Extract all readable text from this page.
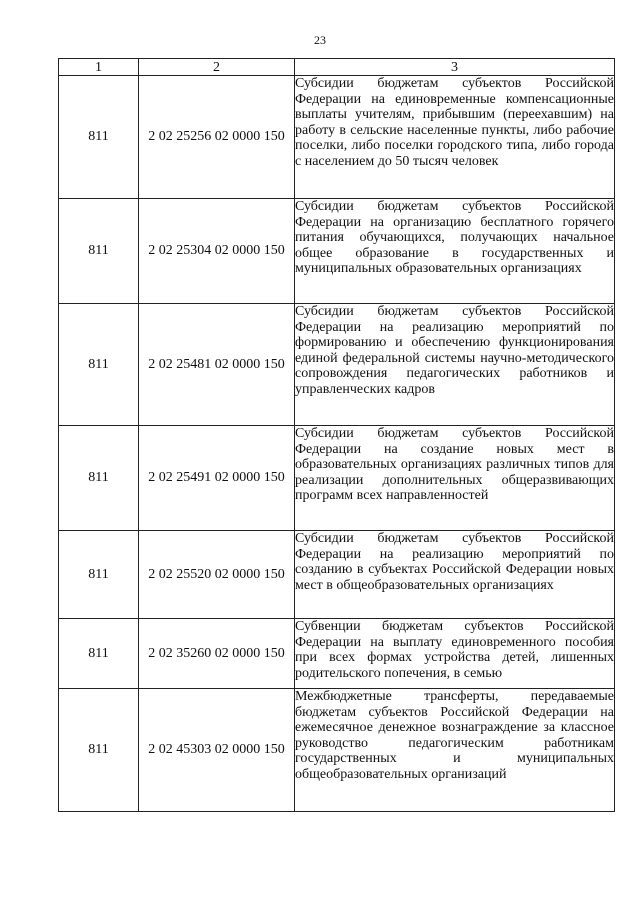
23
1	2	3
811	2 02 25256 02 0000 150	Субсидии бюджетам субъектов Российской Федерации на единовременные компенсационные выплаты учителям, прибывшим (переехавшим) на работу в сельские населенные пункты, либо рабочие поселки, либо поселки городского типа, либо города с населением до 50 тысяч человек

811	2 02 25304 02 0000 150	Субсидии бюджетам субъектов Российской Федерации на организацию бесплатного горячего питания обучающихся, получающих начальное общее образование в государственных и муниципальных образовательных организациях

811	2 02 25481 02 0000 150	Субсидии бюджетам субъектов Российской Федерации на реализацию мероприятий по формированию и обеспечению функционирования единой федеральной системы научно-методического сопровождения педагогических работников и управленческих кадров

811	2 02 25491 02 0000 150	Субсидии бюджетам субъектов Российской Федерации на создание новых мест в образовательных организациях различных типов для реализации дополнительных общеразвивающих программ всех направленностей

811	2 02 25520 02 0000 150	Субсидии бюджетам субъектов Российской Федерации на реализацию мероприятий по созданию в субъектах Российской Федерации новых мест в общеобразовательных организациях

811	2 02 35260 02 0000 150	Субвенции бюджетам субъектов Российской Федерации на выплату единовременного пособия при всех формах устройства детей, лишенных родительского попечения, в семью

811	2 02 45303 02 0000 150	Межбюджетные трансферты, передаваемые бюджетам субъектов Российской Федерации на ежемесячное денежное вознаграждение за классное руководство педагогическим работникам государственных и муниципальных общеобразовательных организаций
